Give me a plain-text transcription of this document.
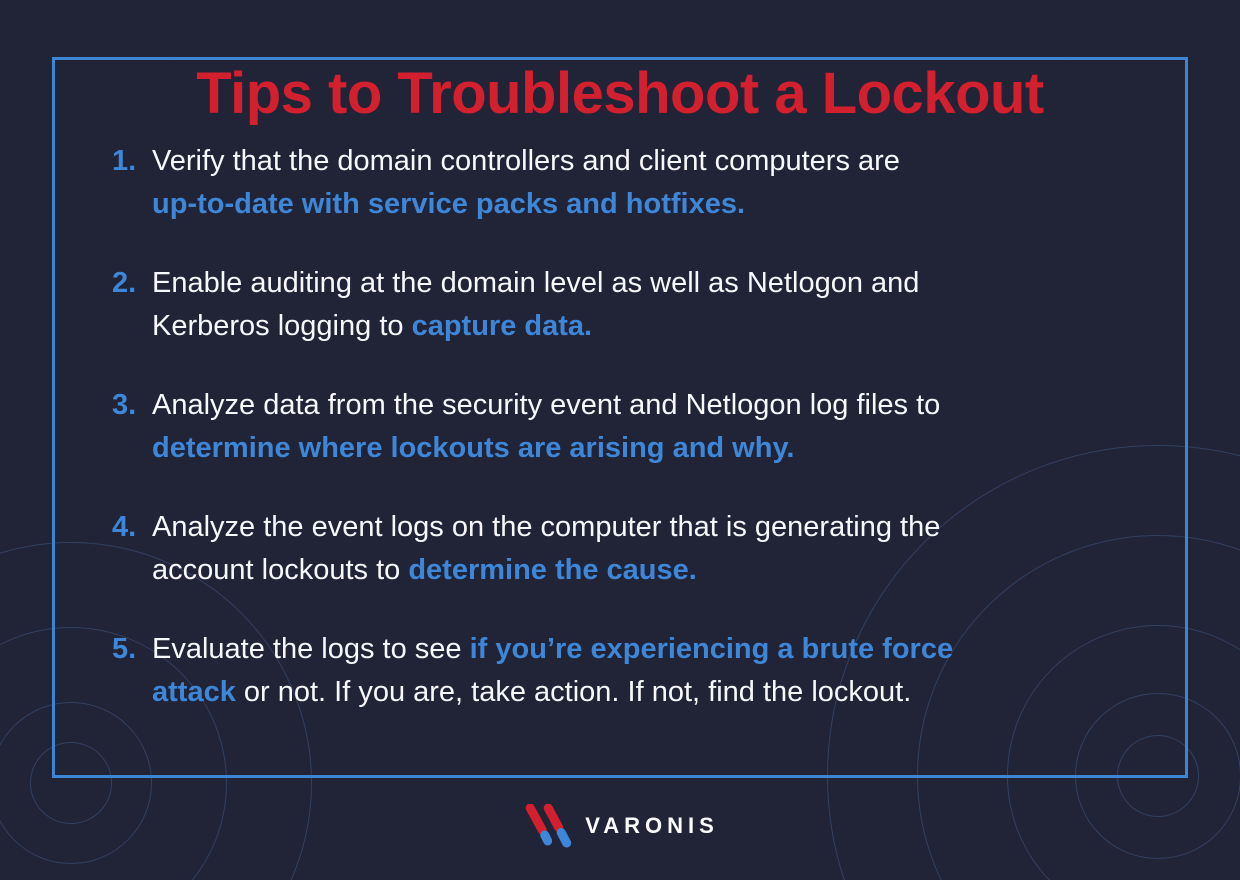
Tips to Troubleshoot a Lockout
1. Verify that the domain controllers and client computers are
up-to-date with service packs and hotfixes.
2. Enable auditing at the domain level as well as Netlogon and
Kerberos logging to capture data.
3. Analyze data from the security event and Netlogon log files to
determine where lockouts are arising and why.
4. Analyze the event logs on the computer that is generating the
account lockouts to determine the cause.
5. Evaluate the logs to see if you’re experiencing a brute force
attack or not. If you are, take action. If not, find the lockout.
VARONIS
